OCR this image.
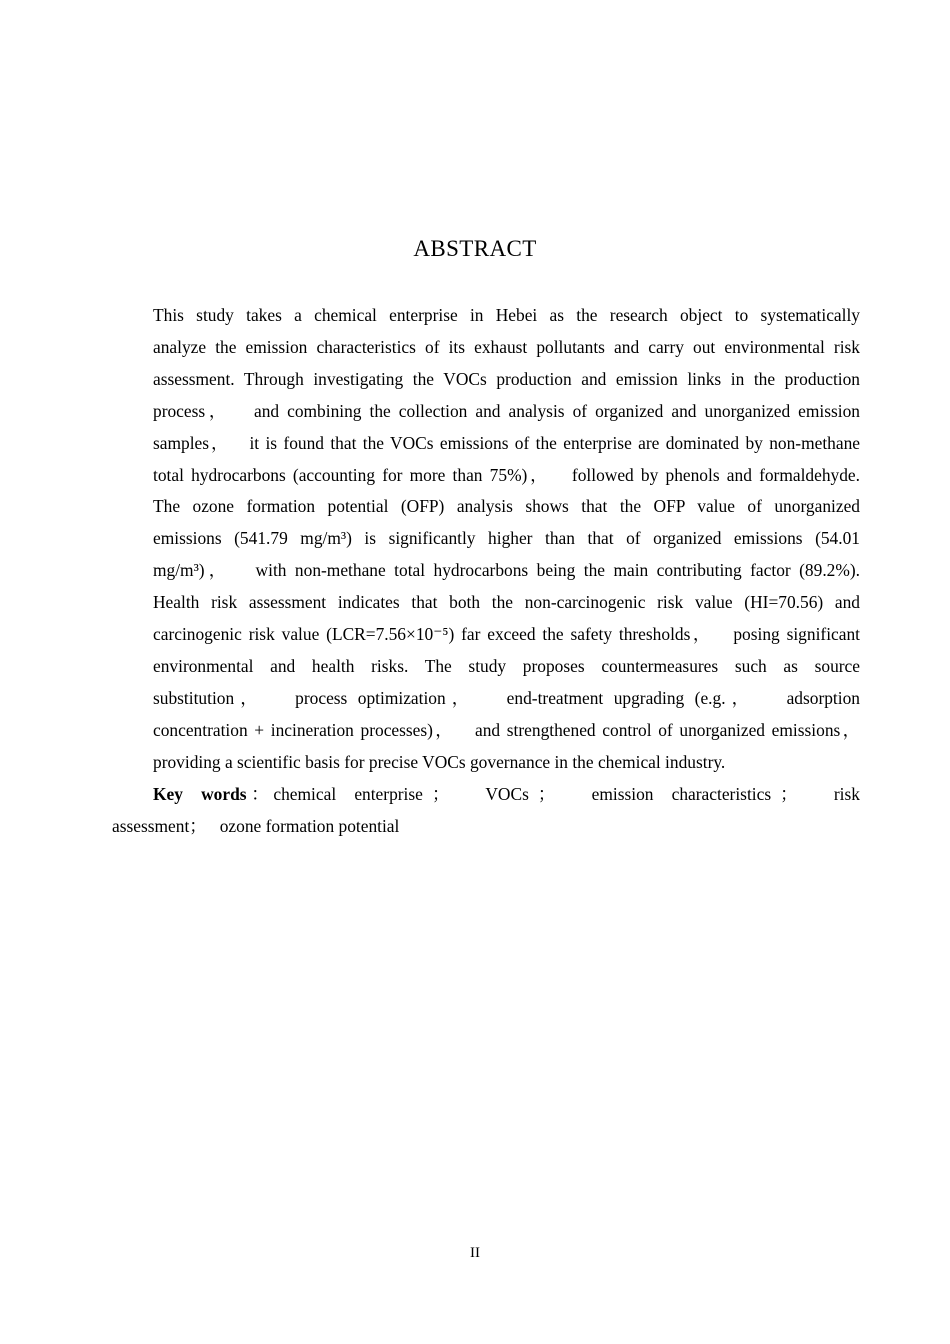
ABSTRACT

This  study  takes  a  chemical  enterprise  in  Hebei  as  the  research  object  to  systematically
analyze  the  emission  characteristics  of  its  exhaust  pollutants  and  carry  out  environmental  risk
assessment.  Through  investigating  the  VOCs  production  and  emission  links  in  the  production
process，   and combining the collection and analysis of organized and unorganized emission
samples，   it is found that the VOCs emissions of the enterprise are dominated by non-methane
total hydrocarbons (accounting for more than 75%)，   followed by phenols and formaldehyde.
The  ozone  formation  potential  (OFP)  analysis  shows  that  the  OFP  value  of  unorganized
emissions  (541.79  mg/m³)  is  significantly  higher  than  that  of  organized  emissions  (54.01
mg/m³)，   with non-methane total hydrocarbons being the main contributing factor (89.2%).
Health  risk  assessment  indicates  that  both  the  non-carcinogenic  risk  value  (HI=70.56)  and
carcinogenic risk value (LCR=7.56×10⁻⁵) far exceed the safety thresholds，   posing significant
environmental  and  health  risks.  The  study  proposes  countermeasures  such  as  source
substitution，   process optimization，   end-treatment upgrading (e.g.，   adsorption
concentration + incineration processes)，   and strengthened control of unorganized emissions，
providing a scientific basis for precise VOCs governance in the chemical industry.

Key  words：chemical  enterprise ；    VOCs ；    emission  characteristics ；    risk
assessment；   ozone formation potential

II
